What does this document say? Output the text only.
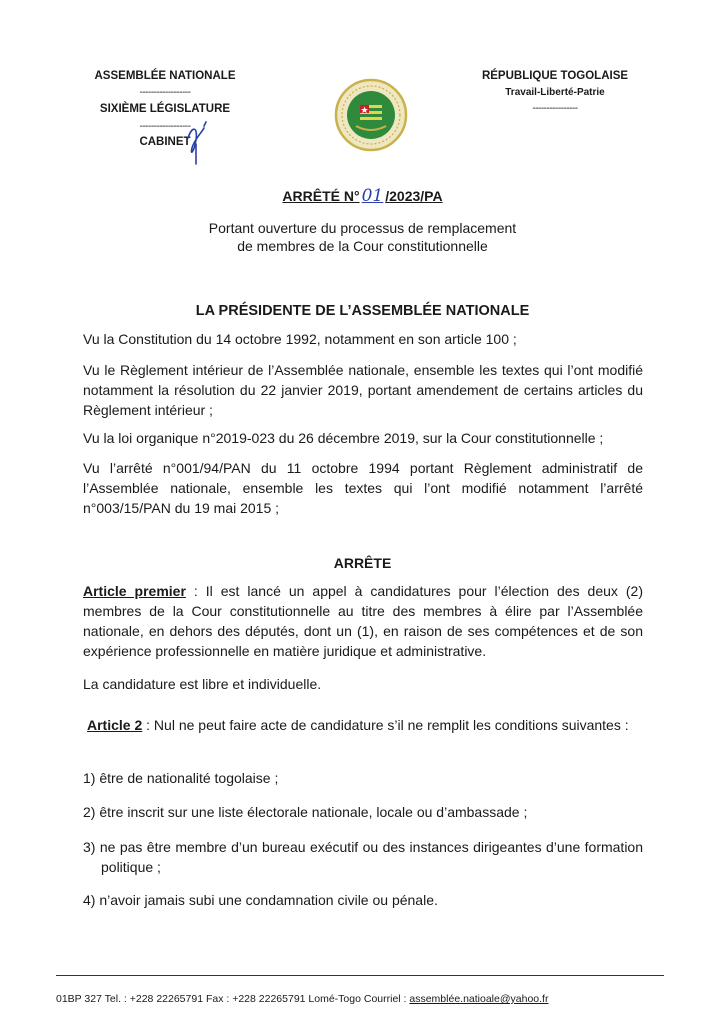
ASSEMBLÉE NATIONALE
------------------
SIXIÈME LÉGISLATURE
------------------
CABINET
RÉPUBLIQUE TOGOLAISE
Travail-Liberté-Patrie
----------------
ARRÊTÉ N° 01 /2023/PA
Portant ouverture du processus de remplacement
de membres de la Cour constitutionnelle
LA PRÉSIDENTE DE L’ASSEMBLÉE NATIONALE
Vu la Constitution du 14 octobre 1992, notamment en son article 100 ;
Vu le Règlement intérieur de l’Assemblée nationale, ensemble les textes qui l’ont modifié notamment la résolution du 22 janvier 2019, portant amendement de certains articles du Règlement intérieur ;
Vu la loi organique n°2019-023 du 26 décembre 2019, sur la Cour constitutionnelle ;
Vu l’arrêté n°001/94/PAN du 11 octobre 1994 portant Règlement administratif de l’Assemblée nationale, ensemble les textes qui l’ont modifié notamment l’arrêté n°003/15/PAN du 19 mai 2015 ;
ARRÊTE
Article premier : Il est lancé un appel à candidatures pour l’élection des deux (2) membres de la Cour constitutionnelle au titre des membres à élire par l’Assemblée nationale, en dehors des députés, dont un (1), en raison de ses compétences et de son expérience professionnelle en matière juridique et administrative.
La candidature est libre et individuelle.
Article 2 : Nul ne peut faire acte de candidature s’il ne remplit les conditions suivantes :
1) être de nationalité togolaise ;
2) être inscrit sur une liste électorale nationale, locale ou d’ambassade ;
3) ne pas être membre d’un bureau exécutif ou des instances dirigeantes d’une formation politique ;
4) n’avoir jamais subi une condamnation civile ou pénale.
01BP 327 Tel. : +228 22265791 Fax : +228 22265791 Lomé-Togo Courriel : assemblée.natioale@yahoo.fr
